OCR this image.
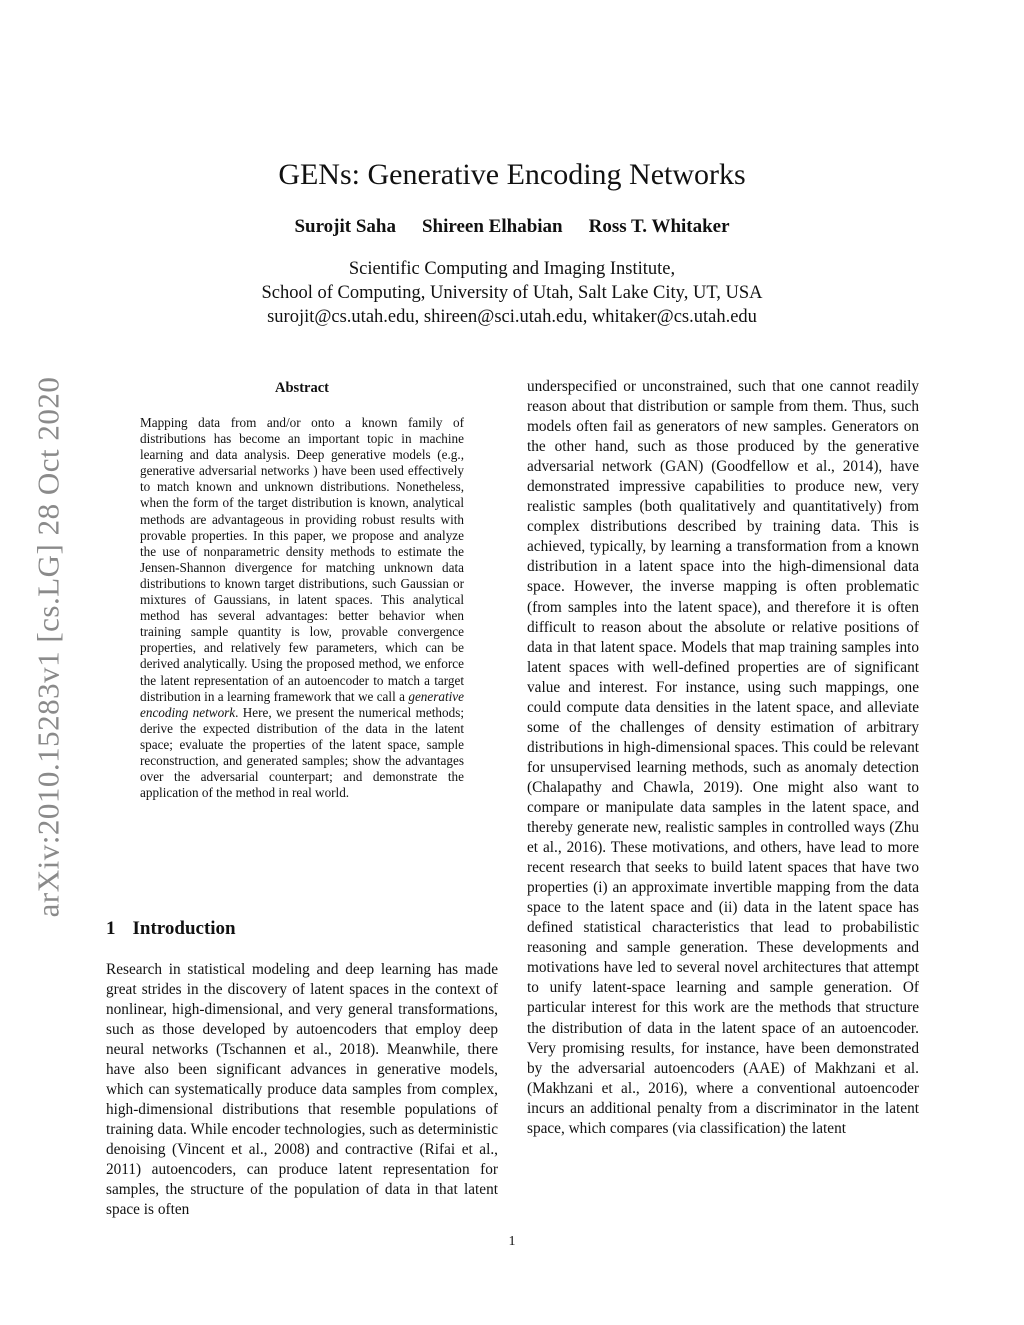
arXiv:2010.15283v1 [cs.LG] 28 Oct 2020
GENs: Generative Encoding Networks
Surojit Saha Shireen Elhabian Ross T. Whitaker
Scientific Computing and Imaging Institute,
School of Computing, University of Utah, Salt Lake City, UT, USA
surojit@cs.utah.edu, shireen@sci.utah.edu, whitaker@cs.utah.edu
Abstract
Mapping data from and/or onto a known family of distributions has become an important topic in machine learning and data analysis. Deep generative models (e.g., generative adversarial networks ) have been used effectively to match known and unknown distributions. Nonetheless, when the form of the target distribution is known, analytical methods are advantageous in providing robust results with provable properties. In this paper, we propose and analyze the use of nonparametric density methods to estimate the Jensen-Shannon divergence for matching unknown data distributions to known target distributions, such Gaussian or mixtures of Gaussians, in latent spaces. This analytical method has several advantages: better behavior when training sample quantity is low, provable convergence properties, and relatively few parameters, which can be derived analytically. Using the proposed method, we enforce the latent representation of an autoencoder to match a target distribution in a learning framework that we call a generative encoding network. Here, we present the numerical methods; derive the expected distribution of the data in the latent space; evaluate the properties of the latent space, sample reconstruction, and generated samples; show the advantages over the adversarial counterpart; and demonstrate the application of the method in real world.
1 Introduction
Research in statistical modeling and deep learning has made great strides in the discovery of latent spaces in the context of nonlinear, high-dimensional, and very general transformations, such as those developed by autoencoders that employ deep neural networks (Tschannen et al., 2018). Meanwhile, there have also been significant advances in generative models, which can systematically produce data samples from complex, high-dimensional distributions that resemble populations of training data. While encoder technologies, such as deterministic denoising (Vincent et al., 2008) and contractive (Rifai et al., 2011) autoencoders, can produce latent representation for samples, the structure of the population of data in that latent space is often
underspecified or unconstrained, such that one cannot readily reason about that distribution or sample from them. Thus, such models often fail as generators of new samples. Generators on the other hand, such as those produced by the generative adversarial network (GAN) (Goodfellow et al., 2014), have demonstrated impressive capabilities to produce new, very realistic samples (both qualitatively and quantitatively) from complex distributions described by training data. This is achieved, typically, by learning a transformation from a known distribution in a latent space into the high-dimensional data space. However, the inverse mapping is often problematic (from samples into the latent space), and therefore it is often difficult to reason about the absolute or relative positions of data in that latent space. Models that map training samples into latent spaces with well-defined properties are of significant value and interest. For instance, using such mappings, one could compute data densities in the latent space, and alleviate some of the challenges of density estimation of arbitrary distributions in high-dimensional spaces. This could be relevant for unsupervised learning methods, such as anomaly detection (Chalapathy and Chawla, 2019). One might also want to compare or manipulate data samples in the latent space, and thereby generate new, realistic samples in controlled ways (Zhu et al., 2016). These motivations, and others, have lead to more recent research that seeks to build latent spaces that have two properties (i) an approximate invertible mapping from the data space to the latent space and (ii) data in the latent space has defined statistical characteristics that lead to probabilistic reasoning and sample generation. These developments and motivations have led to several novel architectures that attempt to unify latent-space learning and sample generation. Of particular interest for this work are the methods that structure the distribution of data in the latent space of an autoencoder. Very promising results, for instance, have been demonstrated by the adversarial autoencoders (AAE) of Makhzani et al. (Makhzani et al., 2016), where a conventional autoencoder incurs an additional penalty from a discriminator in the latent space, which compares (via classification) the latent
1
